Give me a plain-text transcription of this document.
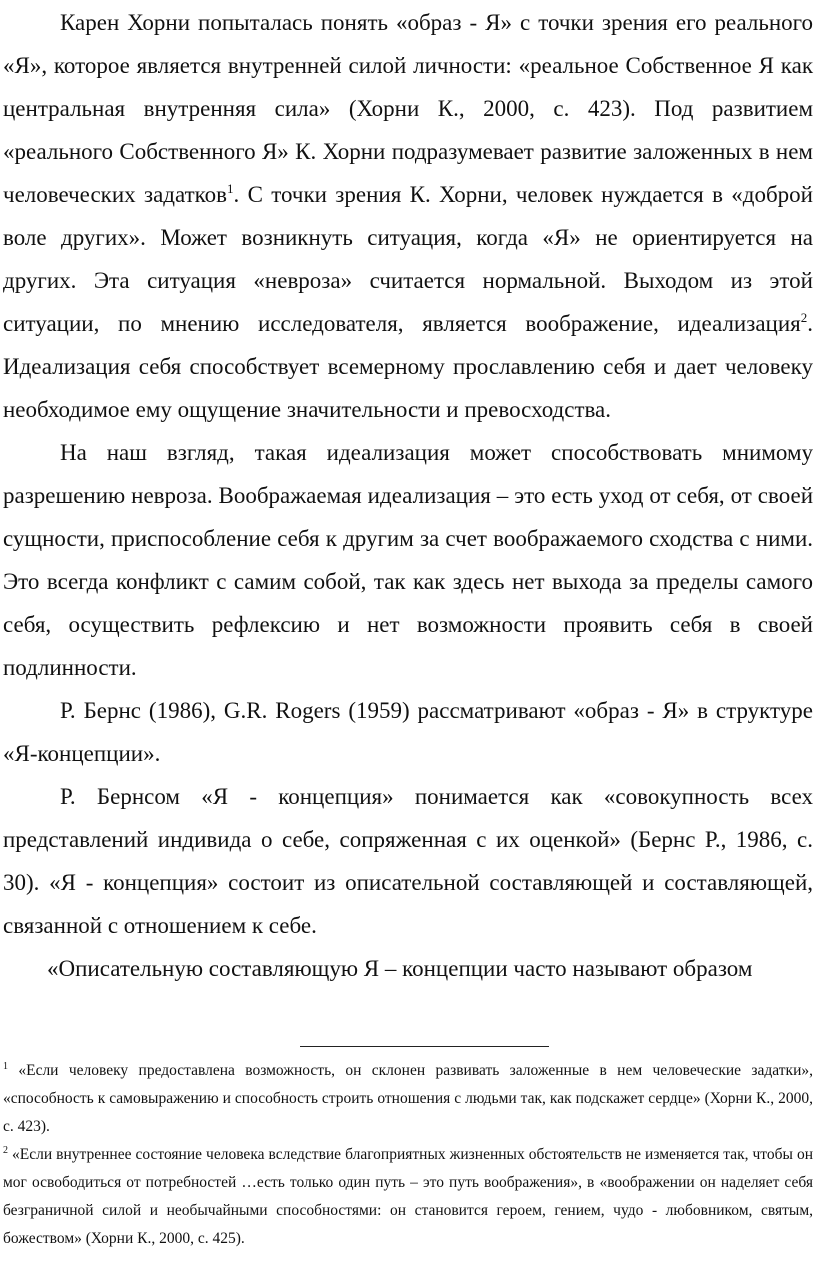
Карен Хорни попыталась понять «образ - Я» с точки зрения его реального «Я», которое является внутренней силой личности: «реальное Собственное Я как центральная внутренняя сила» (Хорни К., 2000, с. 423). Под развитием «реального Собственного Я» К. Хорни подразумевает развитие заложенных в нем человеческих задатков$^1$. С точки зрения К. Хорни, человек нуждается в «доброй воле других». Может возникнуть ситуация, когда «Я» не ориентируется на других. Эта ситуация «невроза» считается нормальной. Выходом из этой ситуации, по мнению исследователя, является воображение, идеализация$^2$. Идеализация себя способствует всемерному прославлению себя и дает человеку необходимое ему ощущение значительности и превосходства.

На наш взгляд, такая идеализация может способствовать мнимому разрешению невроза. Воображаемая идеализация – это есть уход от себя, от своей сущности, приспособление себя к другим за счет воображаемого сходства с ними. Это всегда конфликт с самим собой, так как здесь нет выхода за пределы самого себя, осуществить рефлексию и нет возможности проявить себя в своей подлинности.

Р. Бернс (1986), G.R. Rogers (1959) рассматривают «образ - Я» в структуре «Я-концепции».

Р. Бернсом «Я - концепция» понимается как «совокупность всех представлений индивида о себе, сопряженная с их оценкой» (Бернс Р., 1986, с. 30). «Я - концепция» состоит из описательной составляющей и составляющей, связанной с отношением к себе.

«Описательную составляющую Я – концепции часто называют образом

$^1$ «Если человеку предоставлена возможность, он склонен развивать заложенные в нем человеческие задатки», «способность к самовыражению и способность строить отношения с людьми так, как подскажет сердце» (Хорни К., 2000, с. 423).

$^2$ «Если внутреннее состояние человека вследствие благоприятных жизненных обстоятельств не изменяется так, чтобы он мог освободиться от потребностей …есть только один путь – это путь воображения», в «воображении он наделяет себя безграничной силой и необычайными способностями: он становится героем, гением, чудо - любовником, святым, божеством» (Хорни К., 2000, с. 425).
